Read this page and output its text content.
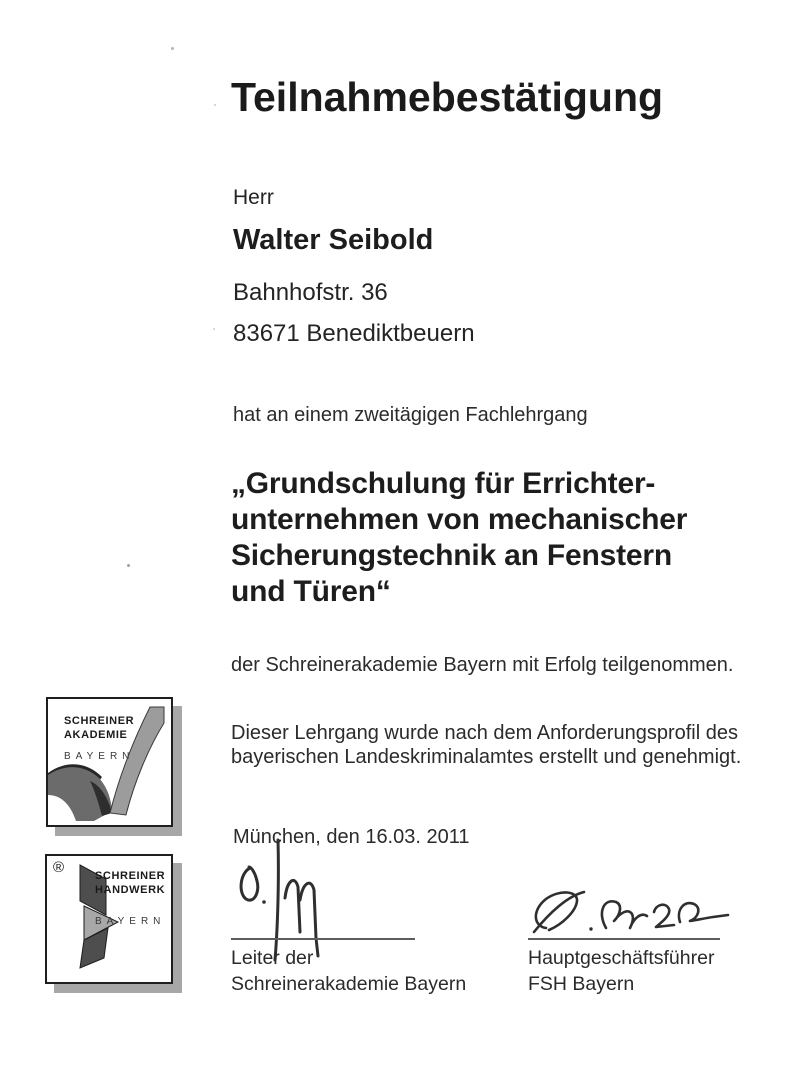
Teilnahmebestätigung
Herr
Walter Seibold
Bahnhofstr. 36
83671 Benediktbeuern
hat an einem zweitägigen Fachlehrgang
„Grundschulung für Errichter-
unternehmen von mechanischer
Sicherungstechnik an Fenstern
und Türen“
der Schreinerakademie Bayern mit Erfolg teilgenommen.
Dieser Lehrgang wurde nach dem Anforderungsprofil des
bayerischen Landeskriminalamtes erstellt und genehmigt.
München, den 16.03. 2011
Leiter der
Schreinerakademie Bayern
Hauptgeschäftsführer
FSH Bayern
SCHREINER
AKADEMIE
BAYERN
®	SCHREINER
HANDWERK
BAYERN
